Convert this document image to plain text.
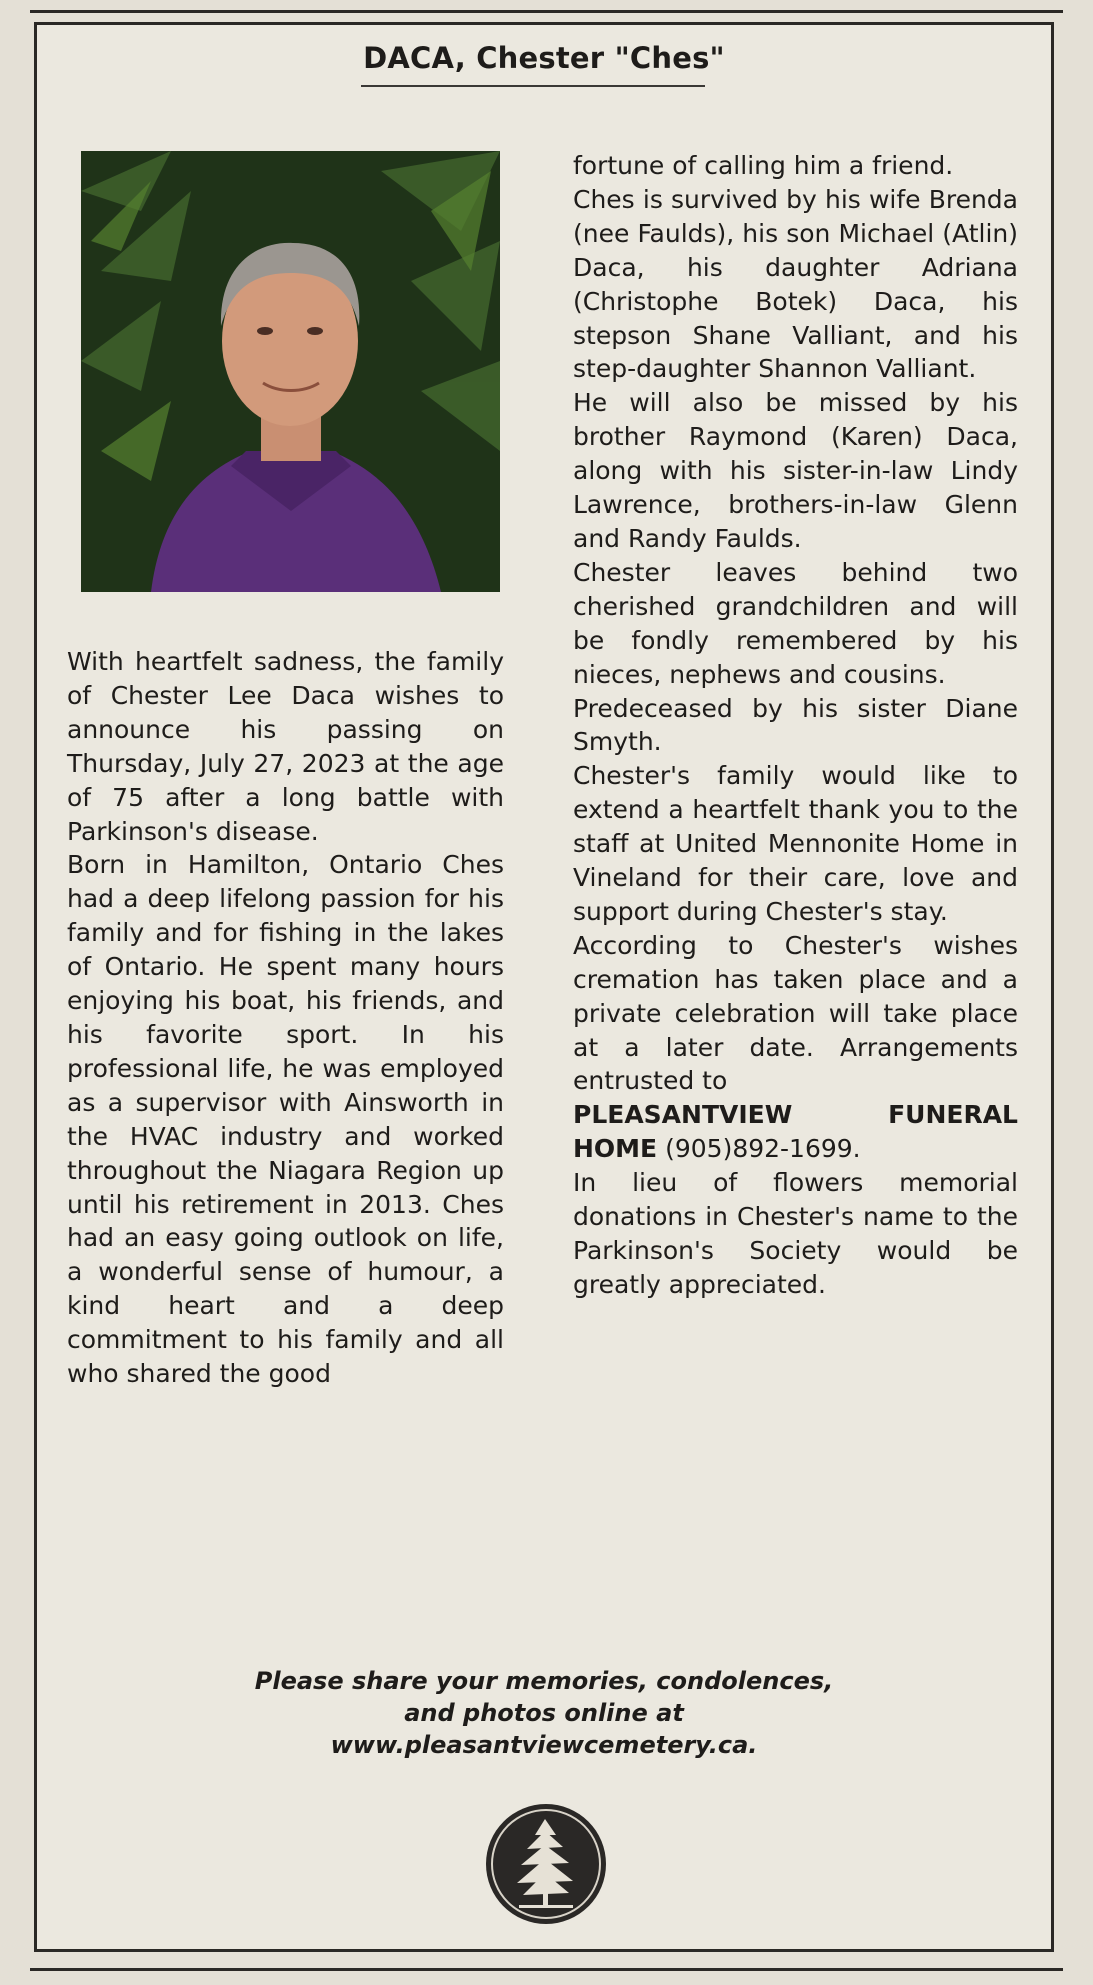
DACA, Chester "Ches"

With heartfelt sadness, the family of Chester Lee Daca wishes to announce his passing on Thursday, July 27, 2023 at the age of 75 after a long battle with Parkinson's disease.

Born in Hamilton, Ontario Ches had a deep lifelong passion for his family and for fishing in the lakes of Ontario. He spent many hours enjoying his boat, his friends, and his favorite sport. In his professional life, he was employed as a supervisor with Ainsworth in the HVAC industry and worked throughout the Niagara Region up until his retirement in 2013. Ches had an easy going outlook on life, a wonderful sense of humour, a kind heart and a deep commitment to his family and all who shared the good

fortune of calling him a friend.

Ches is survived by his wife Brenda (nee Faulds), his son Michael (Atlin) Daca, his daughter Adriana (Christophe Botek) Daca, his stepson Shane Valliant, and his step-daughter Shannon Valliant.

He will also be missed by his brother Raymond (Karen) Daca, along with his sister-in-law Lindy Lawrence, brothers-in-law Glenn and Randy Faulds.

Chester leaves behind two cherished grandchildren and will be fondly remembered by his nieces, nephews and cousins.

Predeceased by his sister Diane Smyth.

Chester's family would like to extend a heartfelt thank you to the staff at United Mennonite Home in Vineland for their care, love and support during Chester's stay.

According to Chester's wishes cremation has taken place and a private celebration will take place at a later date. Arrangements entrusted to

PLEASANTVIEW FUNERAL HOME (905)892-1699.

In lieu of flowers memorial donations in Chester's name to the Parkinson's Society would be greatly appreciated.

Please share your memories, condolences,
and photos online at
www.pleasantviewcemetery.ca.
